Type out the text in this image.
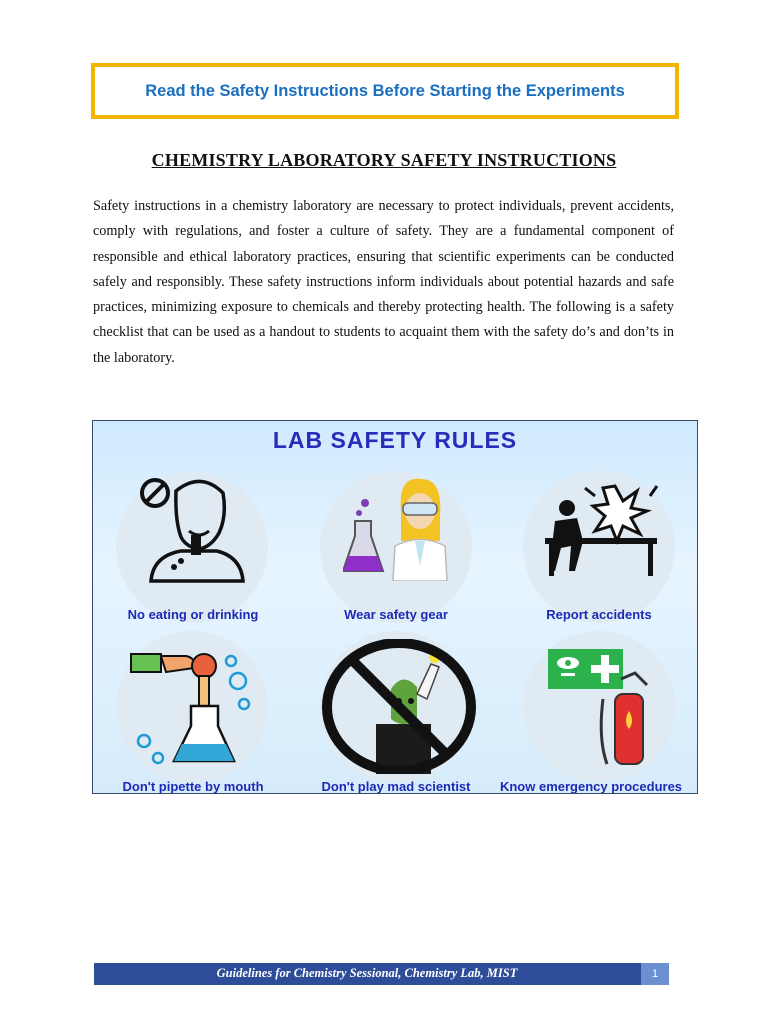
Read the Safety Instructions Before Starting the Experiments
CHEMISTRY LABORATORY SAFETY INSTRUCTIONS

Safety instructions in a chemistry laboratory are necessary to protect individuals, prevent accidents, comply with regulations, and foster a culture of safety. They are a fundamental component of responsible and ethical laboratory practices, ensuring that scientific experiments can be conducted safely and responsibly. These safety instructions inform individuals about potential hazards and safe practices, minimizing exposure to chemicals and thereby protecting health. The following is a safety checklist that can be used as a handout to students to acquaint them with the safety do’s and don’ts in the laboratory.

LAB SAFETY RULES
No eating or drinking	Wear safety gear	Report accidents
Don't pipette by mouth	Don't play mad scientist	Know emergency procedures
Guidelines for Chemistry Sessional, Chemistry Lab, MIST	1
